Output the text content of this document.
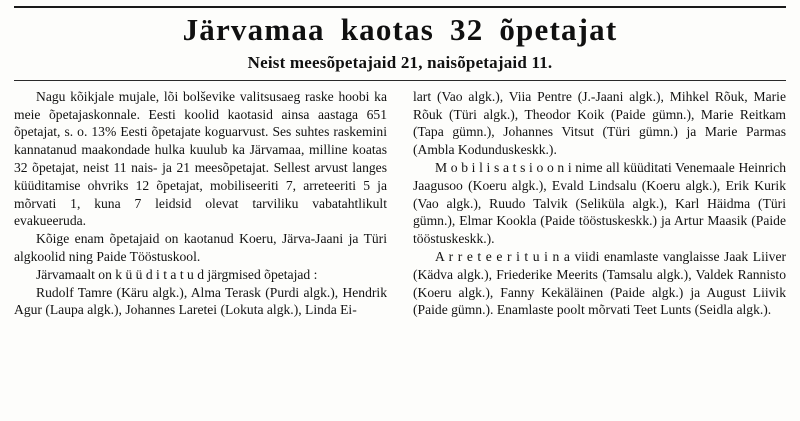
Järvamaa kaotas 32 õpetajat
Neist meesõpetajaid 21, naisõpetajaid 11.

Nagu kõikjale mujale, lõi bolševike valitsusaeg raske hoobi ka meie õpetajaskonnale. Eesti koolid kaotasid ainsa aastaga 651 õpetajat, s. o. 13% Eesti õpetajate koguarvust. Ses suhtes raskemini kannatanud maakondade hulka kuulub ka Järvamaa, milline koatas 32 õpetajat, neist 11 nais- ja 21 meesõpetajat. Sellest arvust langes küüditamise ohvriks 12 õpetajat, mobiliseeriti 7, arreteeriti 5 ja mõrvati 1, kuna 7 leidsid olevat tarviliku vabatahtlikult evakueeruda.

Kõige enam õpetajaid on kaotanud Koeru, Järva-Jaani ja Türi algkoolid ning Paide Tööstuskool.

Järvamaalt on k ü ü d i t a t u d järgmised õpetajad :

Rudolf Tamre (Käru algk.), Alma Terask (Purdi algk.), Hendrik Agur (Laupa algk.), Johannes Laretei (Lokuta algk.), Linda Ei-

lart (Vao algk.), Viia Pentre (J.-Jaani algk.), Mihkel Rõuk, Marie Rõuk (Türi algk.), Theodor Koik (Paide gümn.), Marie Reitkam (Tapa gümn.), Johannes Vitsut (Türi gümn.) ja Marie Parmas (Ambla Kodunduskeskk.).

M o b i l i s a t s i o o n i nime all küüditati Venemaale Heinrich Jaagusoo (Koeru algk.), Evald Lindsalu (Koeru algk.), Erik Kurik (Vao algk.), Ruudo Talvik (Seliküla algk.), Karl Häidma (Türi gümn.), Elmar Kookla (Paide tööstuskeskk.) ja Artur Maasik (Paide tööstuskeskk.).

A r r e t e e r i t u i n a viidi enamlaste vanglaisse Jaak Liiver (Kädva algk.), Friederike Meerits (Tamsalu algk.), Valdek Rannisto (Koeru algk.), Fanny Kekäläinen (Paide algk.) ja August Liivik (Paide gümn.). Enamlaste poolt mõrvati Teet Lunts (Seidla algk.).
